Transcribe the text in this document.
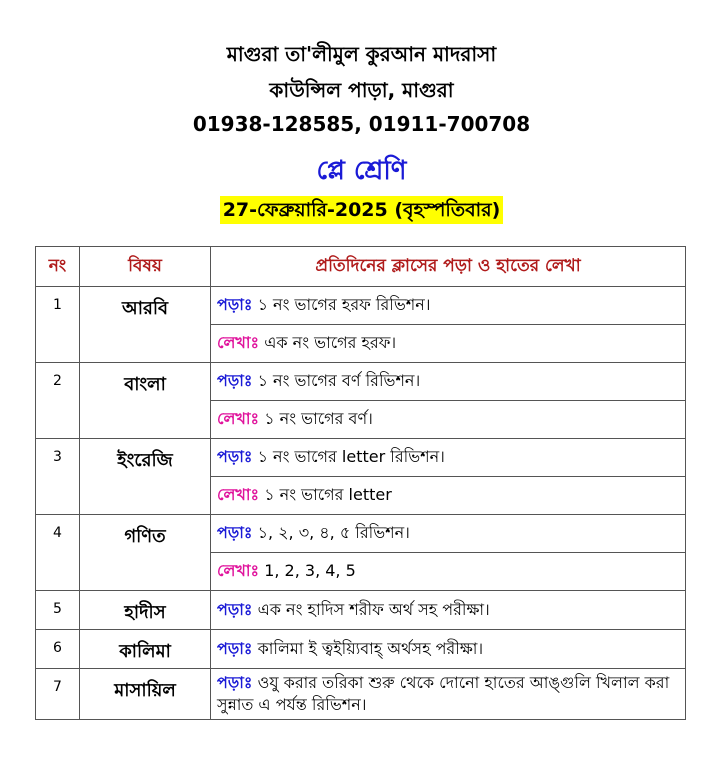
মাগুরা তা'লীমুল কুরআন মাদরাসা
কাউন্সিল পাড়া, মাগুরা
01938-128585, 01911-700708
প্লে শ্রেণি
27-ফেব্রুয়ারি-2025 (বৃহস্পতিবার)
নং	বিষয়	প্রতিদিনের ক্লাসের পড়া ও হাতের লেখা
1	আরবি	পড়াঃ ১ নং ভাগের হরফ রিভিশন।
		লেখাঃ এক নং ভাগের হরফ।
2	বাংলা	পড়াঃ ১ নং ভাগের বর্ণ রিভিশন।
		লেখাঃ ১ নং ভাগের বর্ণ।
3	ইংরেজি	পড়াঃ ১ নং ভাগের letter রিভিশন।
		লেখাঃ ১ নং ভাগের letter
4	গণিত	পড়াঃ ১, ২, ৩, ৪, ৫ রিভিশন।
		লেখাঃ 1, 2, 3, 4, 5
5	হাদীস	পড়াঃ এক নং হাদিস শরীফ অর্থ সহ পরীক্ষা।
6	কালিমা	পড়াঃ কালিমা ই ত্বইয়্যিবাহ্ অর্থসহ পরীক্ষা।
7	মাসায়িল	পড়াঃ ওযু করার তরিকা শুরু থেকে দোনো হাতের আঙ্গুলি খিলাল করা সুন্নাত এ পর্যন্ত রিভিশন।
